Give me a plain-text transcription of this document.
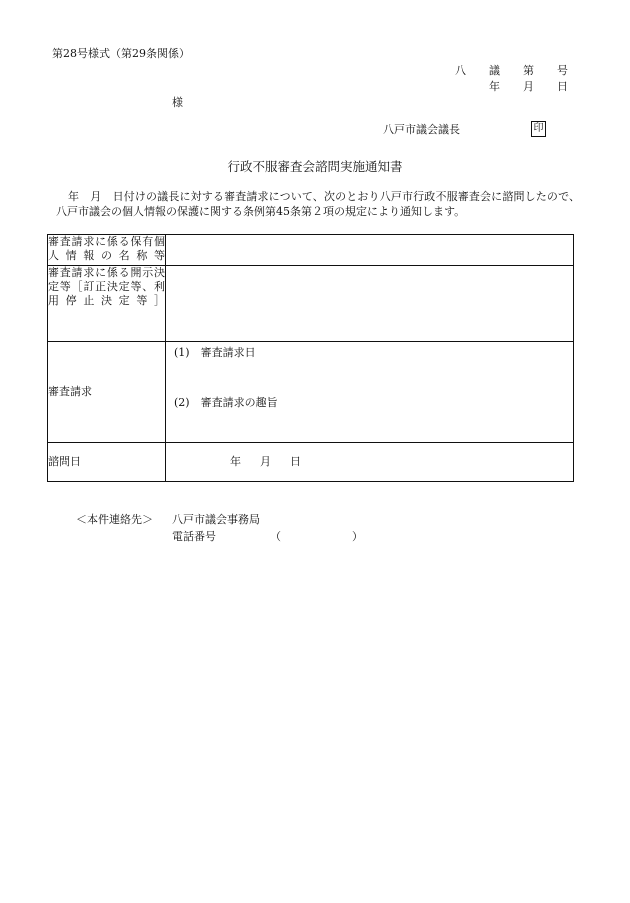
第28号様式（第29条関係）
八　議　第　号
年　月　日
様
八戸市議会議長	印
行政不服審査会諮問実施通知書
年　月　日付けの議長に対する審査請求について、次のとおり八戸市行政不服審査会に諮問したので、八戸市議会の個人情報の保護に関する条例第45条第２項の規定により通知します。
審査請求に係る保有個人情報の名称等	
審査請求に係る開示決定等［訂正決定等、利用停止決定等］	
審査請求	(1)　審査請求日
(2)　審査請求の趣旨

諮問日	年　月　日
＜本件連絡先＞ 八戸市議会事務局
電話番号	（　）
